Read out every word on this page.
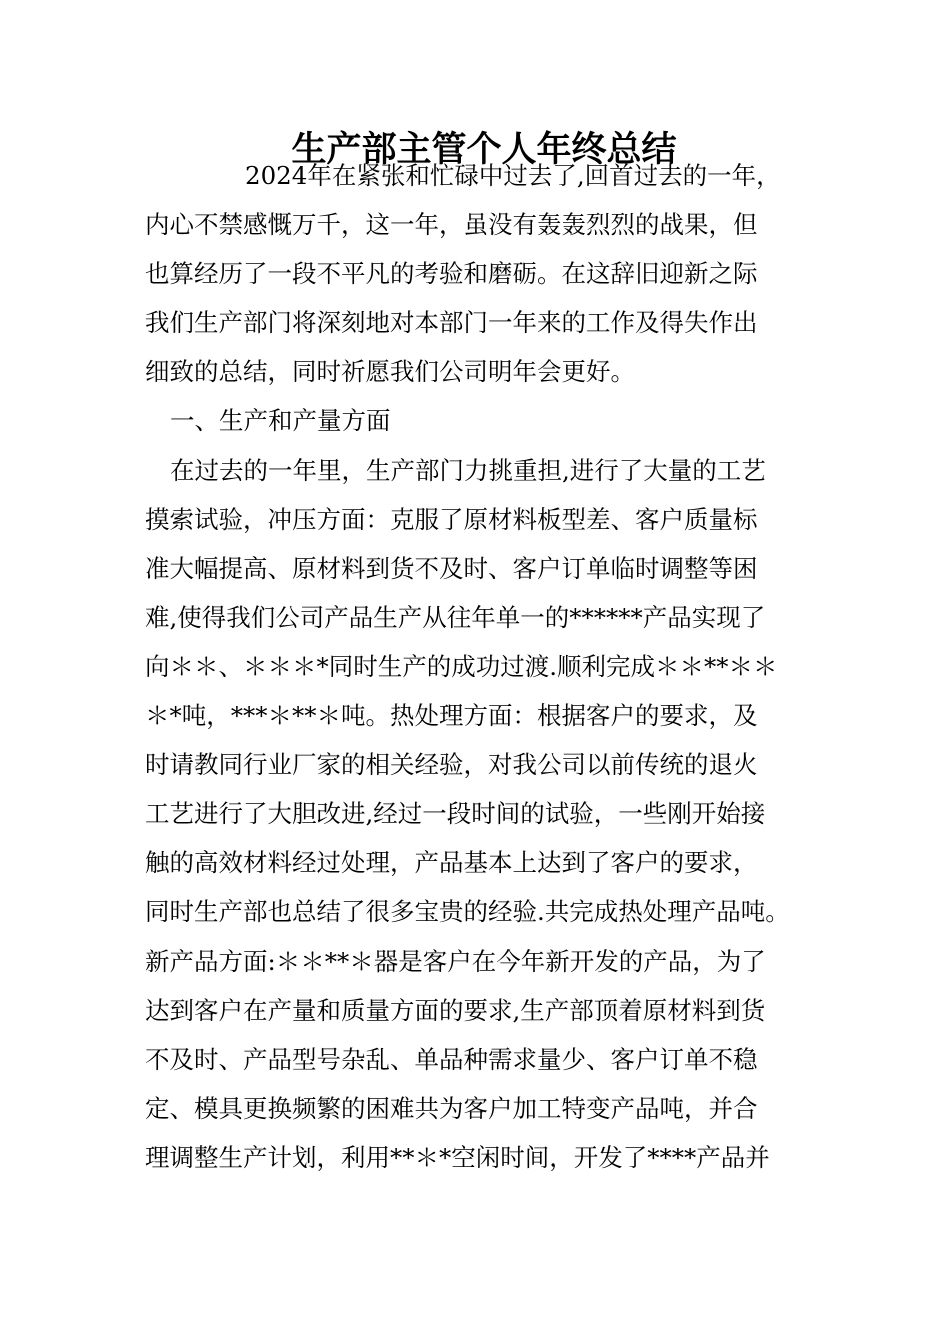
生产部主管个人年终总结
2024年在紧张和忙碌中过去了,回首过去的一年，
内心不禁感慨万千，这一年，虽没有轰轰烈烈的战果，但
也算经历了一段不平凡的考验和磨砺。在这辞旧迎新之际
我们生产部门将深刻地对本部门一年来的工作及得失作出
细致的总结，同时祈愿我们公司明年会更好。
一、生产和产量方面
在过去的一年里，生产部门力挑重担,进行了大量的工艺
摸索试验，冲压方面：克服了原材料板型差、客户质量标
准大幅提高、原材料到货不及时、客户订单临时调整等困
难,使得我们公司产品生产从往年单一的******产品实现了
向＊＊、＊＊＊*同时生产的成功过渡.顺利完成＊＊**＊＊
＊*吨，***＊**＊吨。热处理方面：根据客户的要求，及
时请教同行业厂家的相关经验，对我公司以前传统的退火
工艺进行了大胆改进,经过一段时间的试验，一些刚开始接
触的高效材料经过处理，产品基本上达到了客户的要求，
同时生产部也总结了很多宝贵的经验.共完成热处理产品吨。
新产品方面:＊＊**＊器是客户在今年新开发的产品，为了
达到客户在产量和质量方面的要求,生产部顶着原材料到货
不及时、产品型号杂乱、单品种需求量少、客户订单不稳
定、模具更换频繁的困难共为客户加工特变产品吨，并合
理调整生产计划，利用**＊*空闲时间，开发了****产品并
